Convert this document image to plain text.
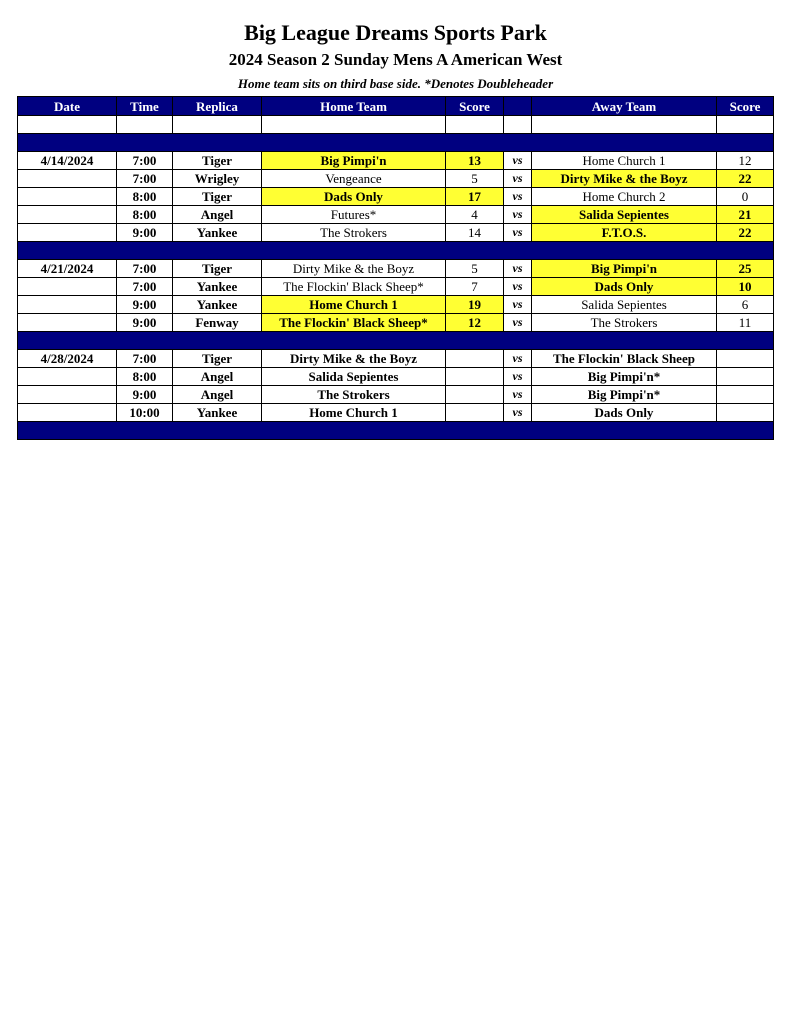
Big League Dreams Sports Park
2024 Season 2 Sunday Mens A American West
Home team sits on third base side. *Denotes Doubleheader
Date	Time	Replica	Home Team	Score		Away Team	Score

4/14/2024	7:00	Tiger	Big Pimpi'n	13	vs	Home Church 1	12
	7:00	Wrigley	Vengeance	5	vs	Dirty Mike & the Boyz	22
	8:00	Tiger	Dads Only	17	vs	Home Church 2	0
	8:00	Angel	Futures*	4	vs	Salida Sepientes	21
	9:00	Yankee	The Strokers	14	vs	F.T.O.S.	22

4/21/2024	7:00	Tiger	Dirty Mike & the Boyz	5	vs	Big Pimpi'n	25
	7:00	Yankee	The Flockin' Black Sheep*	7	vs	Dads Only	10
	9:00	Yankee	Home Church 1	19	vs	Salida Sepientes	6
	9:00	Fenway	The Flockin' Black Sheep*	12	vs	The Strokers	11

4/28/2024	7:00	Tiger	Dirty Mike & the Boyz		vs	The Flockin' Black Sheep	
	8:00	Angel	Salida Sepientes		vs	Big Pimpi'n*	
	9:00	Angel	The Strokers		vs	Big Pimpi'n*	
	10:00	Yankee	Home Church 1		vs	Dads Only	
